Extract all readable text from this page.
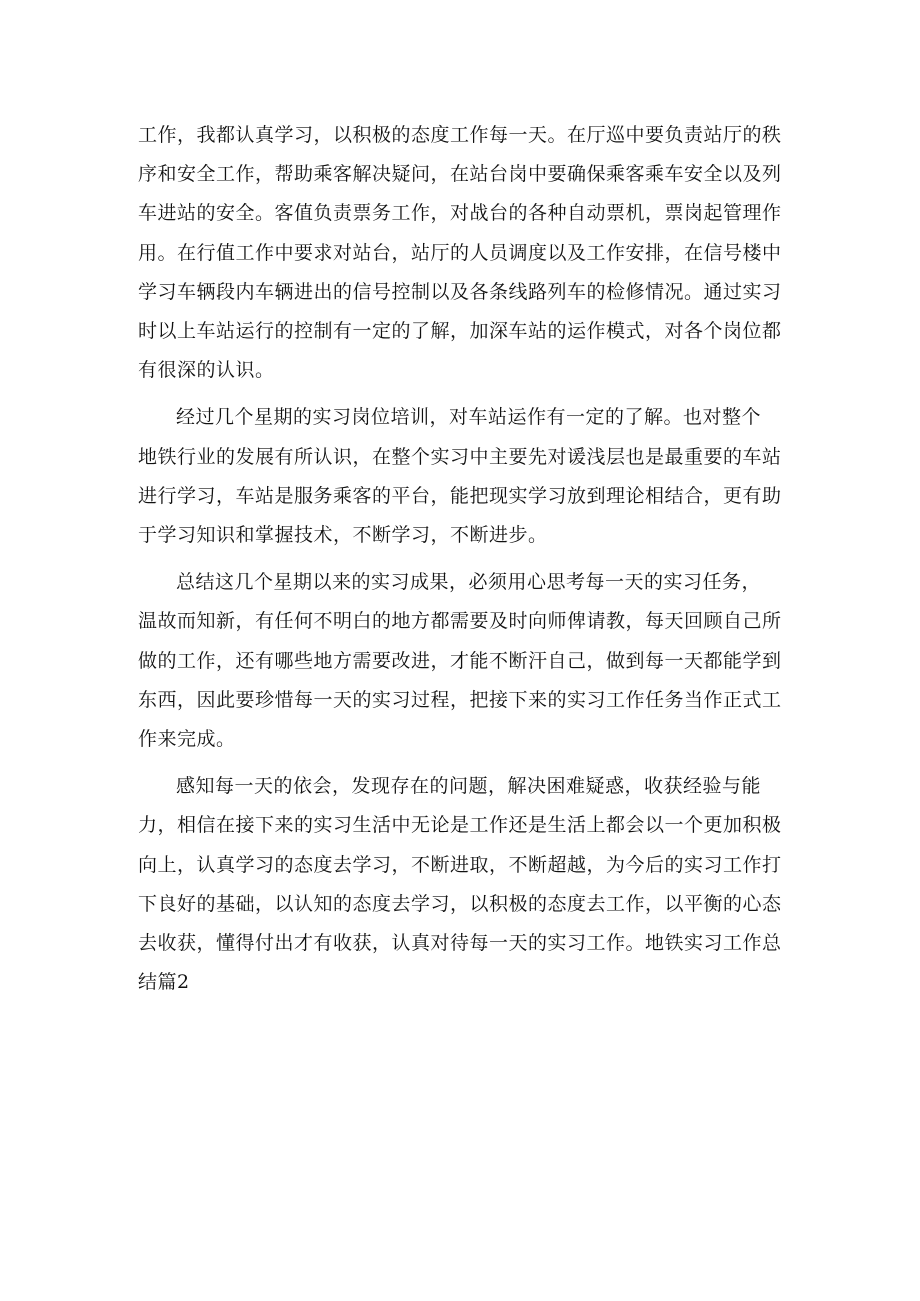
工作，我都认真学习，以积极的态度工作每一天。在厅巡中要负责站厅的秩
序和安全工作，帮助乘客解决疑问，在站台岗中要确保乘客乘车安全以及列
车进站的安全。客值负责票务工作，对战台的各种自动票机，票岗起管理作
用。在行值工作中要求对站台，站厅的人员调度以及工作安排，在信号楼中
学习车辆段内车辆进出的信号控制以及各条线路列车的检修情况。通过实习
时以上车站运行的控制有一定的了解，加深车站的运作模式，对各个岗位都
有很深的认识。

经过几个星期的实习岗位培训，对车站运作有一定的了解。也对整个
地铁行业的发展有所认识，在整个实习中主要先对谖浅层也是最重要的车站
进行学习，车站是服务乘客的平台，能把现实学习放到理论相结合，更有助
于学习知识和掌握技术，不断学习，不断进步。

总结这几个星期以来的实习成果，必须用心思考每一天的实习任务，
温故而知新，有任何不明白的地方都需要及时向师俾请教，每天回顾自己所
做的工作，还有哪些地方需要改进，才能不断汗自己，做到每一天都能学到
东西，因此要珍惜每一天的实习过程，把接下来的实习工作任务当作正式工
作来完成。

感知每一天的依会，发现存在的问题，解决困难疑惑，收获经验与能
力，相信在接下来的实习生活中无论是工作还是生活上都会以一个更加积极
向上，认真学习的态度去学习，不断进取，不断超越，为今后的实习工作打
下良好的基础，以认知的态度去学习，以积极的态度去工作，以平衡的心态
去收获，懂得付出才有收获，认真对待每一天的实习工作。地铁实习工作总
结篇2
